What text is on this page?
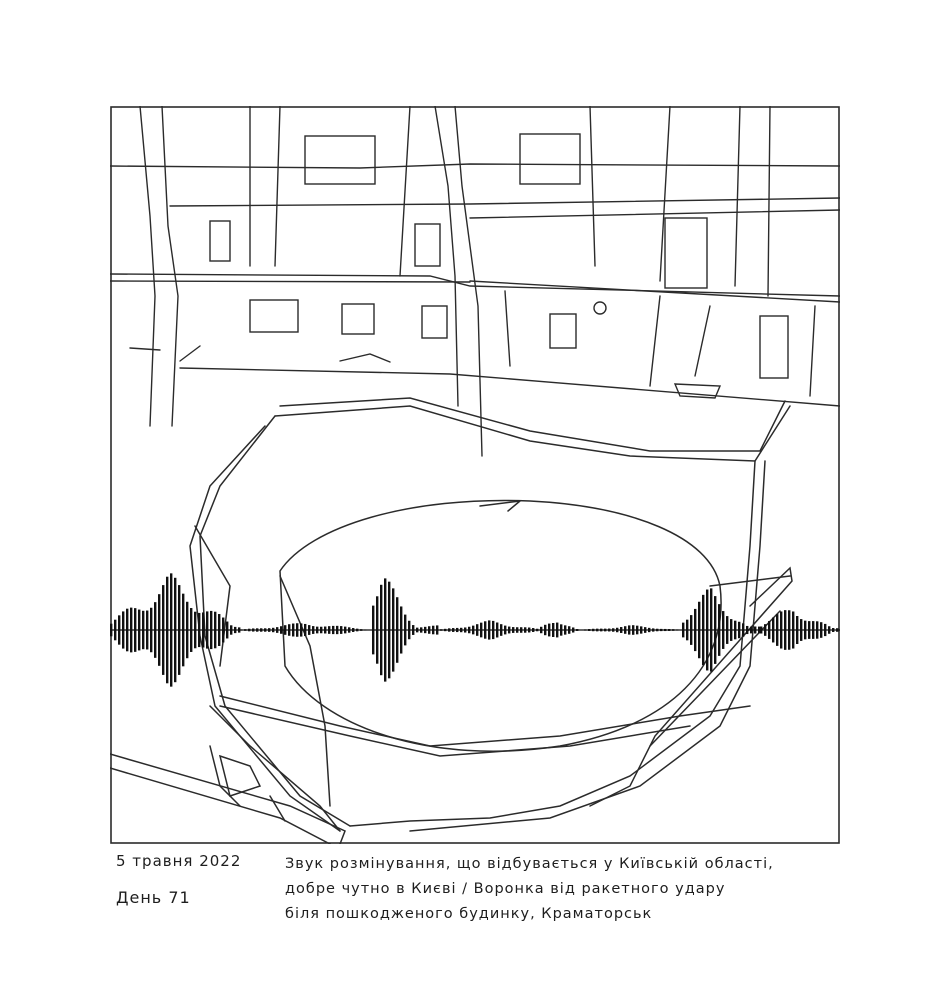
5 травня 2022
День 71
Звук розмінування, що відбувається у Київській області,
добре чутно в Києві / Воронка від ракетного удару
біля пошкодженого будинку, Краматорськ
